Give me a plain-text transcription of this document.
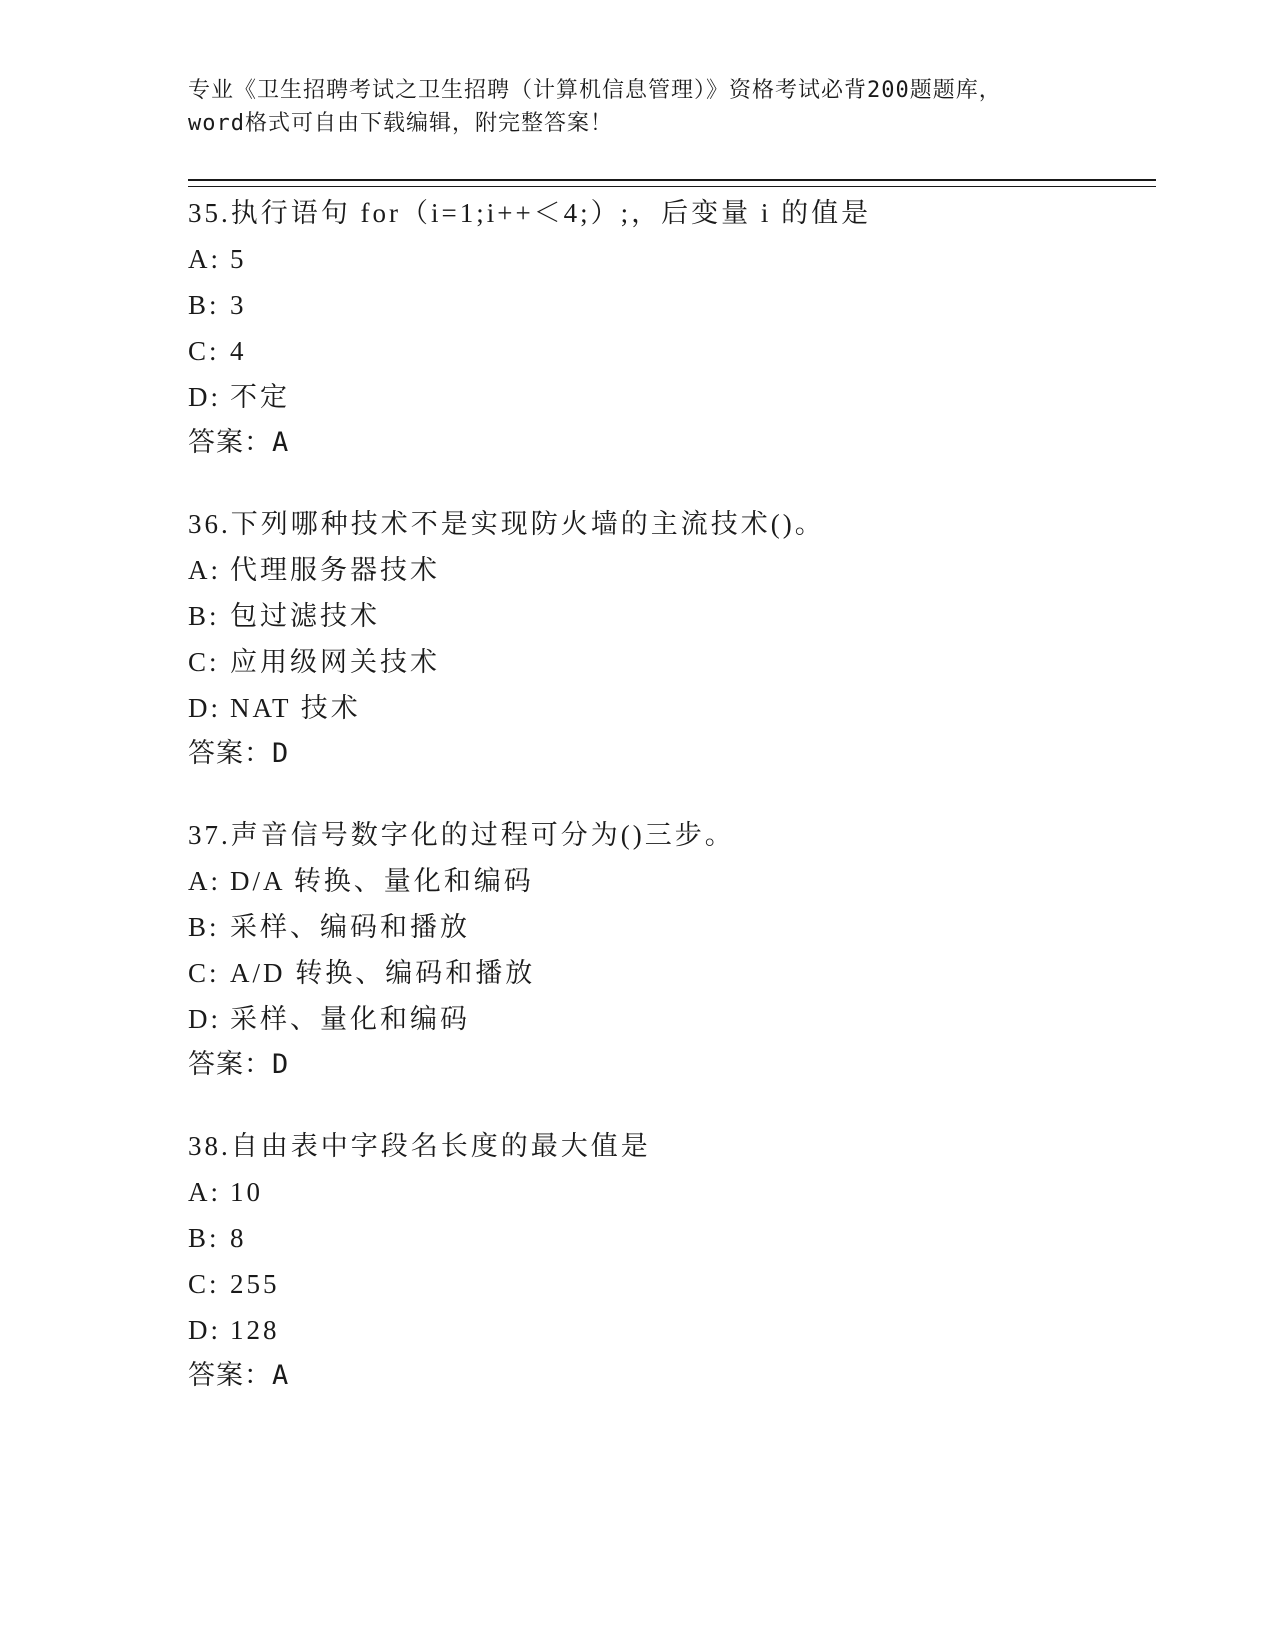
专业《卫生招聘考试之卫生招聘（计算机信息管理）》资格考试必背200题题库，
word格式可自由下载编辑，附完整答案！
35.执行语句 for（i=1;i++＜4;）;，后变量 i 的值是
A: 5
B: 3
C: 4
D: 不定
答案：A
36.下列哪种技术不是实现防火墙的主流技术()。
A: 代理服务器技术
B: 包过滤技术
C: 应用级网关技术
D: NAT 技术
答案：D
37.声音信号数字化的过程可分为()三步。
A: D/A 转换、量化和编码
B: 采样、编码和播放
C: A/D 转换、编码和播放
D: 采样、量化和编码
答案：D
38.自由表中字段名长度的最大值是
A: 10
B: 8
C: 255
D: 128
答案：A
